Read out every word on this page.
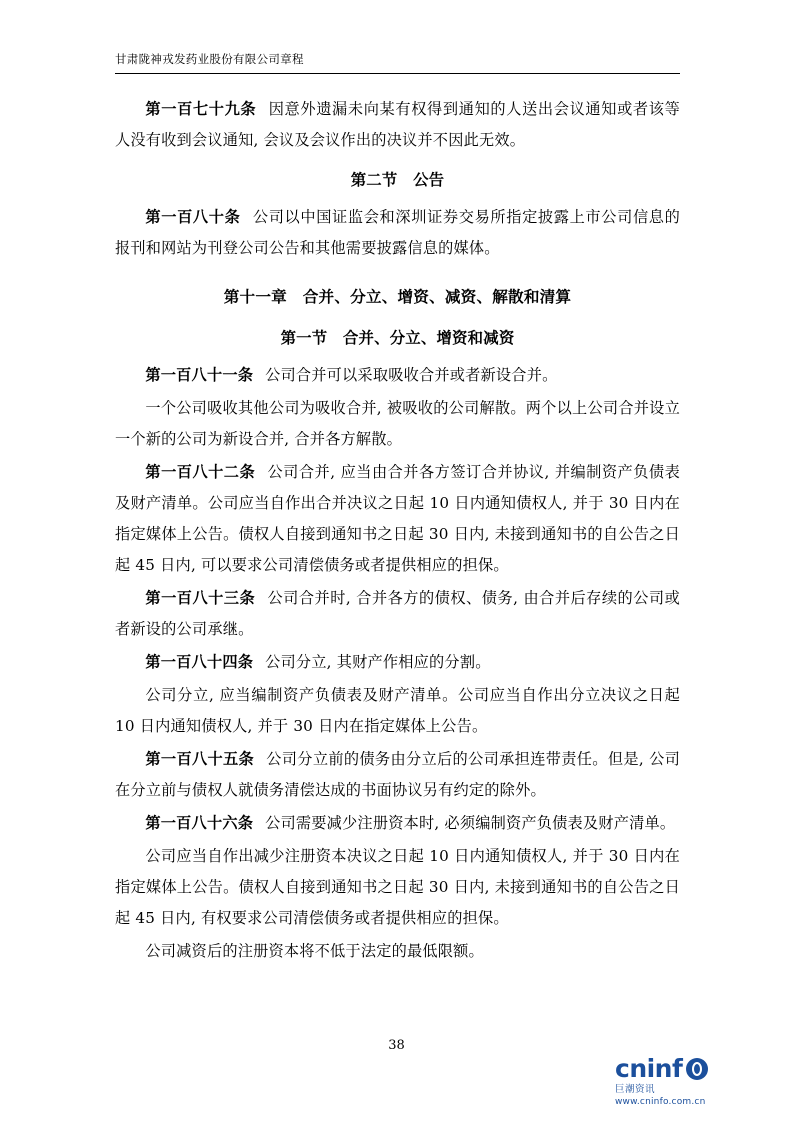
甘肃陇神戎发药业股份有限公司章程

第一百七十九条 因意外遗漏未向某有权得到通知的人送出会议通知或者该等人没有收到会议通知, 会议及会议作出的决议并不因此无效。

第二节　公告

第一百八十条 公司以中国证监会和深圳证券交易所指定披露上市公司信息的报刊和网站为刊登公司公告和其他需要披露信息的媒体。

第十一章　合并、分立、增资、减资、解散和清算

第一节　合并、分立、增资和减资

第一百八十一条 公司合并可以采取吸收合并或者新设合并。

一个公司吸收其他公司为吸收合并, 被吸收的公司解散。两个以上公司合并设立一个新的公司为新设合并, 合并各方解散。

第一百八十二条 公司合并, 应当由合并各方签订合并协议, 并编制资产负债表及财产清单。公司应当自作出合并决议之日起 10 日内通知债权人, 并于 30 日内在指定媒体上公告。债权人自接到通知书之日起 30 日内, 未接到通知书的自公告之日起 45 日内, 可以要求公司清偿债务或者提供相应的担保。

第一百八十三条 公司合并时, 合并各方的债权、债务, 由合并后存续的公司或者新设的公司承继。

第一百八十四条 公司分立, 其财产作相应的分割。

公司分立, 应当编制资产负债表及财产清单。公司应当自作出分立决议之日起 10 日内通知债权人, 并于 30 日内在指定媒体上公告。

第一百八十五条 公司分立前的债务由分立后的公司承担连带责任。但是, 公司在分立前与债权人就债务清偿达成的书面协议另有约定的除外。

第一百八十六条 公司需要减少注册资本时, 必须编制资产负债表及财产清单。

公司应当自作出减少注册资本决议之日起 10 日内通知债权人, 并于 30 日内在指定媒体上公告。债权人自接到通知书之日起 30 日内, 未接到通知书的自公告之日起 45 日内, 有权要求公司清偿债务或者提供相应的担保。

公司减资后的注册资本将不低于法定的最低限额。

38
cninf
巨潮资讯
www.cninfo.com.cn
